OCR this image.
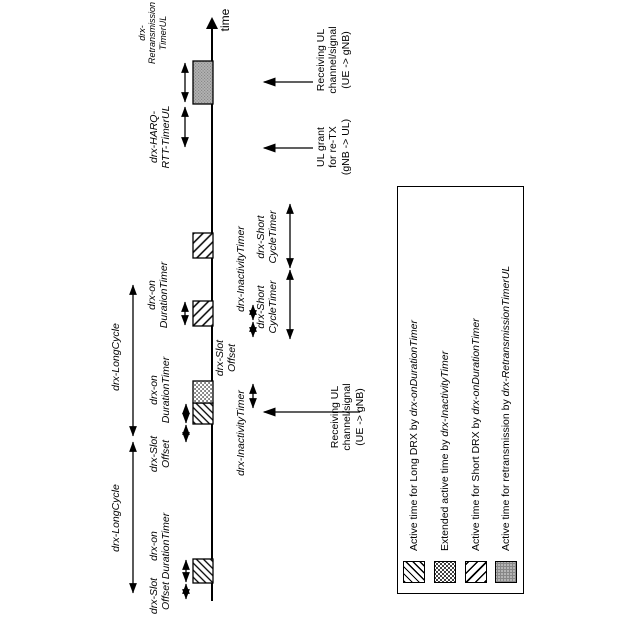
drx-Slot
Offset
drx-on
DurationTimer
drx-LongCycle
drx-LongCycle
drx-Slot
Offset
drx-on
DurationTimer
drx-on
DurationTimer
drx-HARQ-
RTT-TimerUL
drx-
Retransmission
TimerUL
drx-Slot
Offset
drx-InactivityTimer
drx-InactivityTimer drx-Short
CycleTimer
drx-Short
CycleTimer
Receiving UL
channel/signal
(UE -> gNB)
UL grant
for re-TX
(gNB -> UL)
Receiving UL
channel/signal
(UE -> gNB)
time
Active time for Long DRX by drx-onDurationTimer
Extended active time by drx-InactivityTimer
Active time for Short DRX by drx-onDurationTimer
Active time for retransmission by drx-RetransmissionTimerUL
